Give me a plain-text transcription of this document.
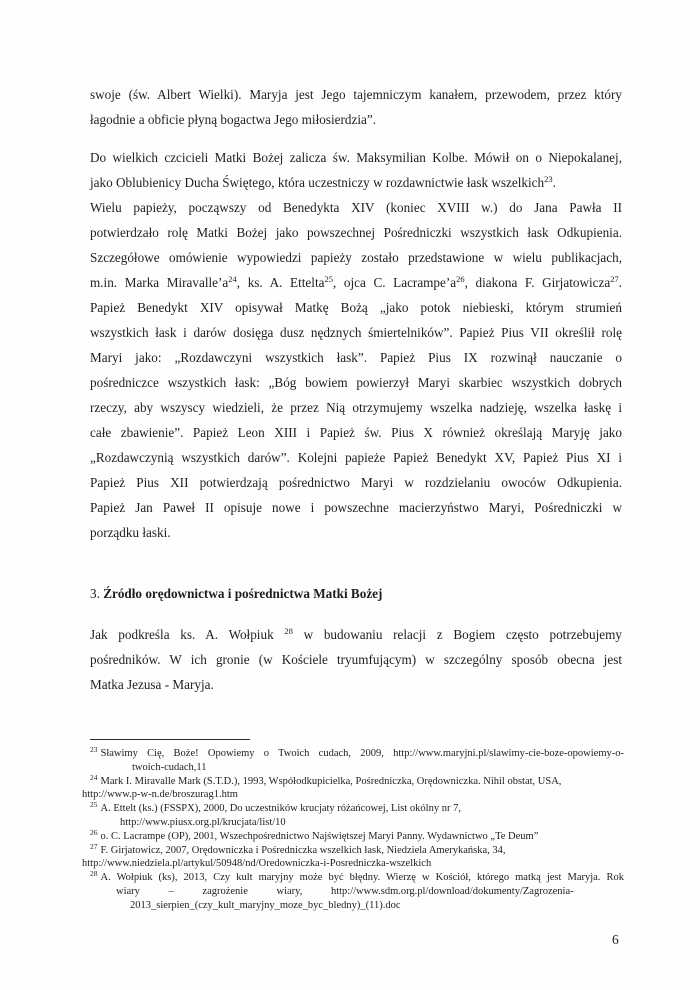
swoje (św. Albert Wielki). Maryja jest Jego tajemniczym kanałem, przewodem, przez który
łagodnie a obficie płyną bogactwa Jego miłosierdzia”.
Do wielkich czcicieli Matki Bożej zalicza św. Maksymilian Kolbe. Mówił on o Niepokalanej,
jako Oblubienicy Ducha Świętego, która uczestniczy w rozdawnictwie łask wszelkich$^{23}$.
Wielu papieży, począwszy od Benedykta XIV (koniec XVIII w.) do Jana Pawła II
potwierdzało rolę Matki Bożej jako powszechnej Pośredniczki wszystkich łask Odkupienia.
Szczegółowe omówienie wypowiedzi papieży zostało przedstawione w wielu publikacjach,
m.in. Marka $Miravalle’a^{24}$, ks. A. Ettelta$^{25}$, ojca C. $Lacrampe’a^{26}$, diakona F. Girjatowicza$^{27}$.
Papież Benedykt XIV opisywał Matkę Bożą „jako potok niebieski, którym strumień
wszystkich łask i darów dosięga dusz nędznych śmiertelników”. Papież Pius VII określił rolę
Maryi jako: „Rozdawczyni wszystkich łask”. Papież Pius IX rozwinął nauczanie o
pośredniczce wszystkich łask: „Bóg bowiem powierzył Maryi skarbiec wszystkich dobrych
rzeczy, aby wszyscy wiedzieli, że przez Nią otrzymujemy wszelka nadzieję, wszelka łaskę i
całe zbawienie”. Papież Leon XIII i Papież św. Pius X również określają Maryję jako
„Rozdawczynią wszystkich darów”. Kolejni papieże Papież Benedykt XV, Papież Pius XI i
Papież Pius XII potwierdzają pośrednictwo Maryi w rozdzielaniu owoców Odkupienia.
Papież Jan Paweł II opisuje nowe i powszechne macierzyństwo Maryi, Pośredniczki w
porządku łaski.
3. Źródło orędownictwa i pośrednictwa Matki Bożej
Jak podkreśla ks. A. Wołpiuk $^{28}$ w budowaniu relacji z Bogiem często potrzebujemy
pośredników. W ich gronie (w Kościele tryumfującym) w szczególny sposób obecna jest
Matka Jezusa - Maryja.
$^{23}$ Sławimy Cię, Boże! Opowiemy o Twoich cudach, 2009, http://www.maryjni.pl/slawimy-cie-boze-opowiemy-o-
twoich-cudach,11
$^{24}$ Mark I. Miravalle Mark (S.T.D.), 1993, Współodkupicielka, Pośredniczka, Orędowniczka. Nihil obstat, USA,
http://www.p-w-n.de/broszurag1.htm
$^{25}$ A. Ettelt (ks.) (FSSPX), 2000, Do uczestników krucjaty różańcowej, List okólny nr 7,
http://www.piusx.org.pl/krucjata/list/10
$^{26}$ o. C. Lacrampe (OP), 2001, Wszechpośrednictwo Najświętszej Maryi Panny. Wydawnictwo „Te Deum”
$^{27}$ F. Girjatowicz, 2007, Orędowniczka i Pośredniczka wszelkich łask, Niedziela Amerykańska, 34,
http://www.niedziela.pl/artykul/50948/nd/Oredowniczka-i-Posredniczka-wszelkich
$^{28}$ A. Wołpiuk (ks), 2013, Czy kult maryjny może być błędny. Wierzę w Kościół, którego matką jest Maryja. Rok
wiary – zagrożenie wiary, http://www.sdm.org.pl/download/dokumenty/Zagrozenia-
2013_sierpien_(czy_kult_maryjny_moze_byc_bledny)_(11).doc
6
